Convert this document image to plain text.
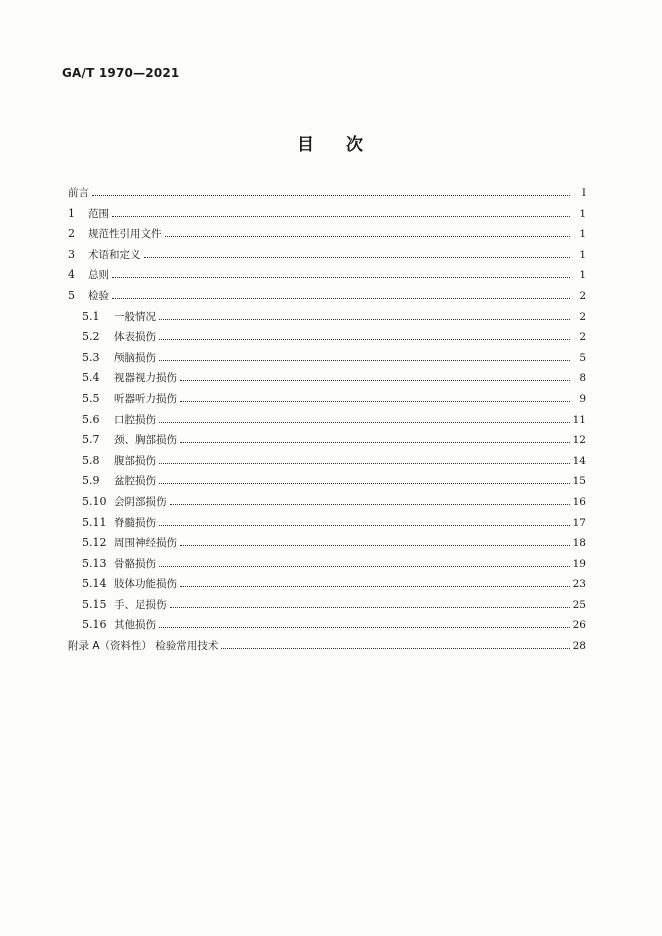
GA/T 1970—2021
目 次
前言	Ⅰ
1	范围	1
2	规范性引用文件	1
3	术语和定义	1
4	总则	1
5	检验	2
5.1	一般情况	2
5.2	体表损伤	2
5.3	颅脑损伤	5
5.4	视器视力损伤	8
5.5	听器听力损伤	9
5.6	口腔损伤	11
5.7	颈、胸部损伤	12
5.8	腹部损伤	14
5.9	盆腔损伤	15
5.10 会阴部损伤	16
5.11 脊髓损伤	17
5.12 周围神经损伤	18
5.13 骨骼损伤	19
5.14 肢体功能损伤	23
5.15 手、足损伤	25
5.16 其他损伤	26
附录 A（资料性） 检验常用技术	28
